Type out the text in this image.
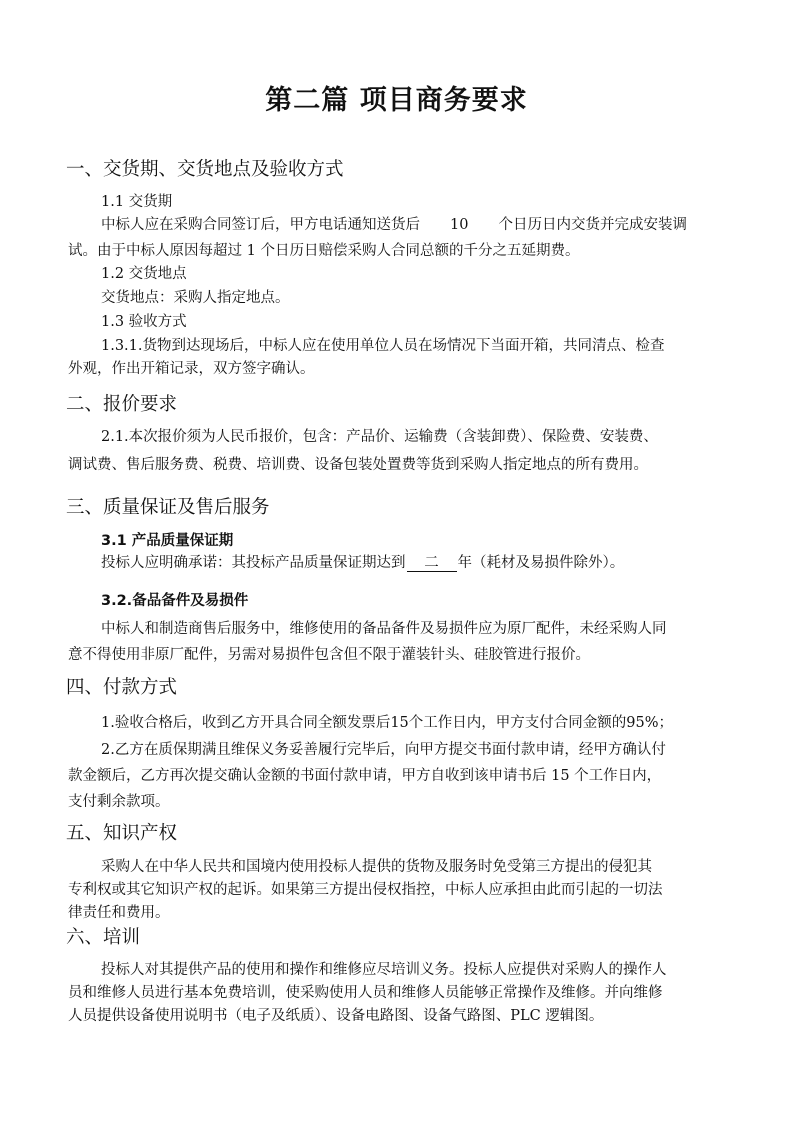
第二篇 项目商务要求
一、交货期、交货地点及验收方式
1.1 交货期
中标人应在采购合同签订后，甲方电话通知送货后 10 个日历日内交货并完成安装调
试。由于中标人原因每超过 1 个日历日赔偿采购人合同总额的千分之五延期费。
1.2 交货地点
交货地点：采购人指定地点。
1.3 验收方式
1.3.1.货物到达现场后，中标人应在使用单位人员在场情况下当面开箱，共同清点、检查
外观，作出开箱记录，双方签字确认。
二、报价要求
2.1.本次报价须为人民币报价，包含：产品价、运输费（含装卸费）、保险费、安装费、
调试费、售后服务费、税费、培训费、设备包装处置费等货到采购人指定地点的所有费用。
三、质量保证及售后服务
3.1 产品质量保证期
投标人应明确承诺：其投标产品质量保证期达到 二 年（耗材及易损件除外）。
3.2.备品备件及易损件
中标人和制造商售后服务中，维修使用的备品备件及易损件应为原厂配件，未经采购人同
意不得使用非原厂配件，另需对易损件包含但不限于灌装针头、硅胶管进行报价。
四、付款方式
1.验收合格后，收到乙方开具合同全额发票后15个工作日内，甲方支付合同金额的95%；
2.乙方在质保期满且维保义务妥善履行完毕后，向甲方提交书面付款申请，经甲方确认付
款金额后，乙方再次提交确认金额的书面付款申请，甲方自收到该申请书后 15 个工作日内，
支付剩余款项。
五、知识产权
采购人在中华人民共和国境内使用投标人提供的货物及服务时免受第三方提出的侵犯其
专利权或其它知识产权的起诉。如果第三方提出侵权指控，中标人应承担由此而引起的一切法
律责任和费用。
六、培训
投标人对其提供产品的使用和操作和维修应尽培训义务。投标人应提供对采购人的操作人
员和维修人员进行基本免费培训，使采购使用人员和维修人员能够正常操作及维修。并向维修
人员提供设备使用说明书（电子及纸质）、设备电路图、设备气路图、PLC 逻辑图。
